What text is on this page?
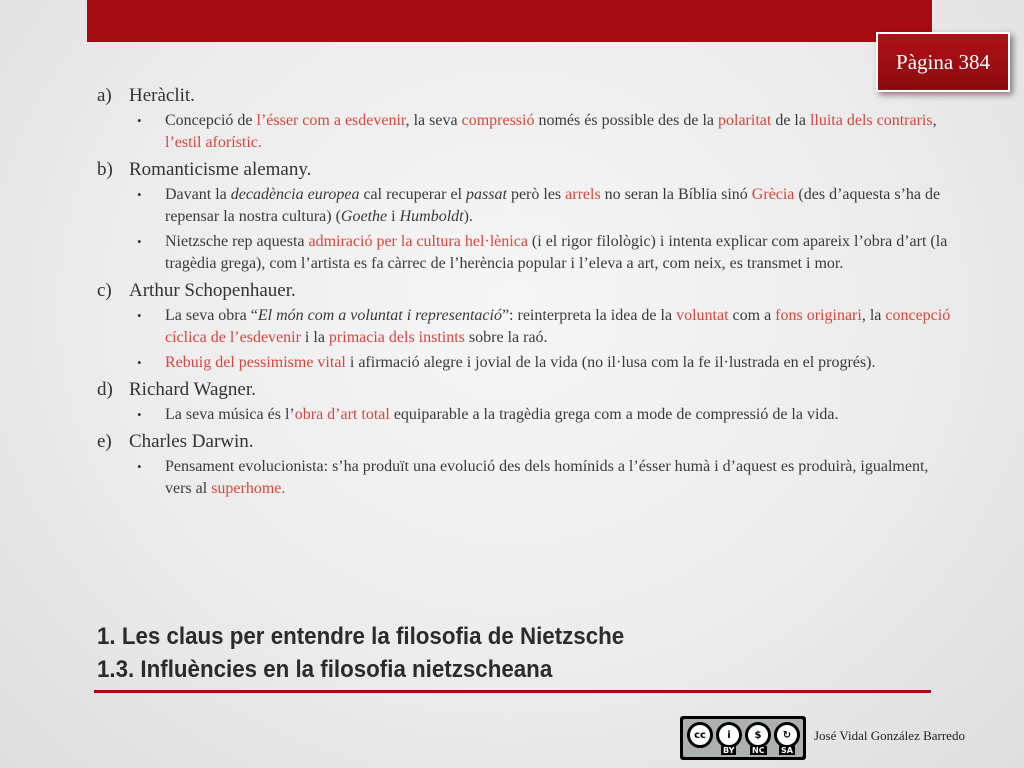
Pàgina 384
a) Heràclit.
• Concepció de l’ésser com a esdevenir, la seva compressió només és possible des de la polaritat de la lluita dels contraris, l’estil aforístic.
b) Romanticisme alemany.
• Davant la decadència europea cal recuperar el passat però les arrels no seran la Bíblia sinó Grècia (des d’aquesta s’ha de repensar la nostra cultura) (Goethe i Humboldt).
• Nietzsche rep aquesta admiració per la cultura hel·lènica (i el rigor filològic) i intenta explicar com apareix l’obra d’art (la tragèdia grega), com l’artista es fa càrrec de l’herència popular i l’eleva a art, com neix, es transmet i mor.
c) Arthur Schopenhauer.
• La seva obra “El món com a voluntat i representació”: reinterpreta la idea de la voluntat com a fons originari, la concepció cíclica de l’esdevenir i la primacia dels instints sobre la raó.
• Rebuig del pessimisme vital i afirmació alegre i jovial de la vida (no il·lusa com la fe il·lustrada en el progrés).
d) Richard Wagner.
• La seva música és l’obra d’art total equiparable a la tragèdia grega com a mode de compressió de la vida.
e) Charles Darwin.
• Pensament evolucionista: s’ha produït una evolució des dels homínids a l’ésser humà i d’aquest es produirà, igualment, vers al superhome.
1. Les claus per entendre la filosofia de Nietzsche
1.3. Influències en la filosofia nietzscheana
cc	i	$	↻
BY NC SA
José Vidal González Barredo
